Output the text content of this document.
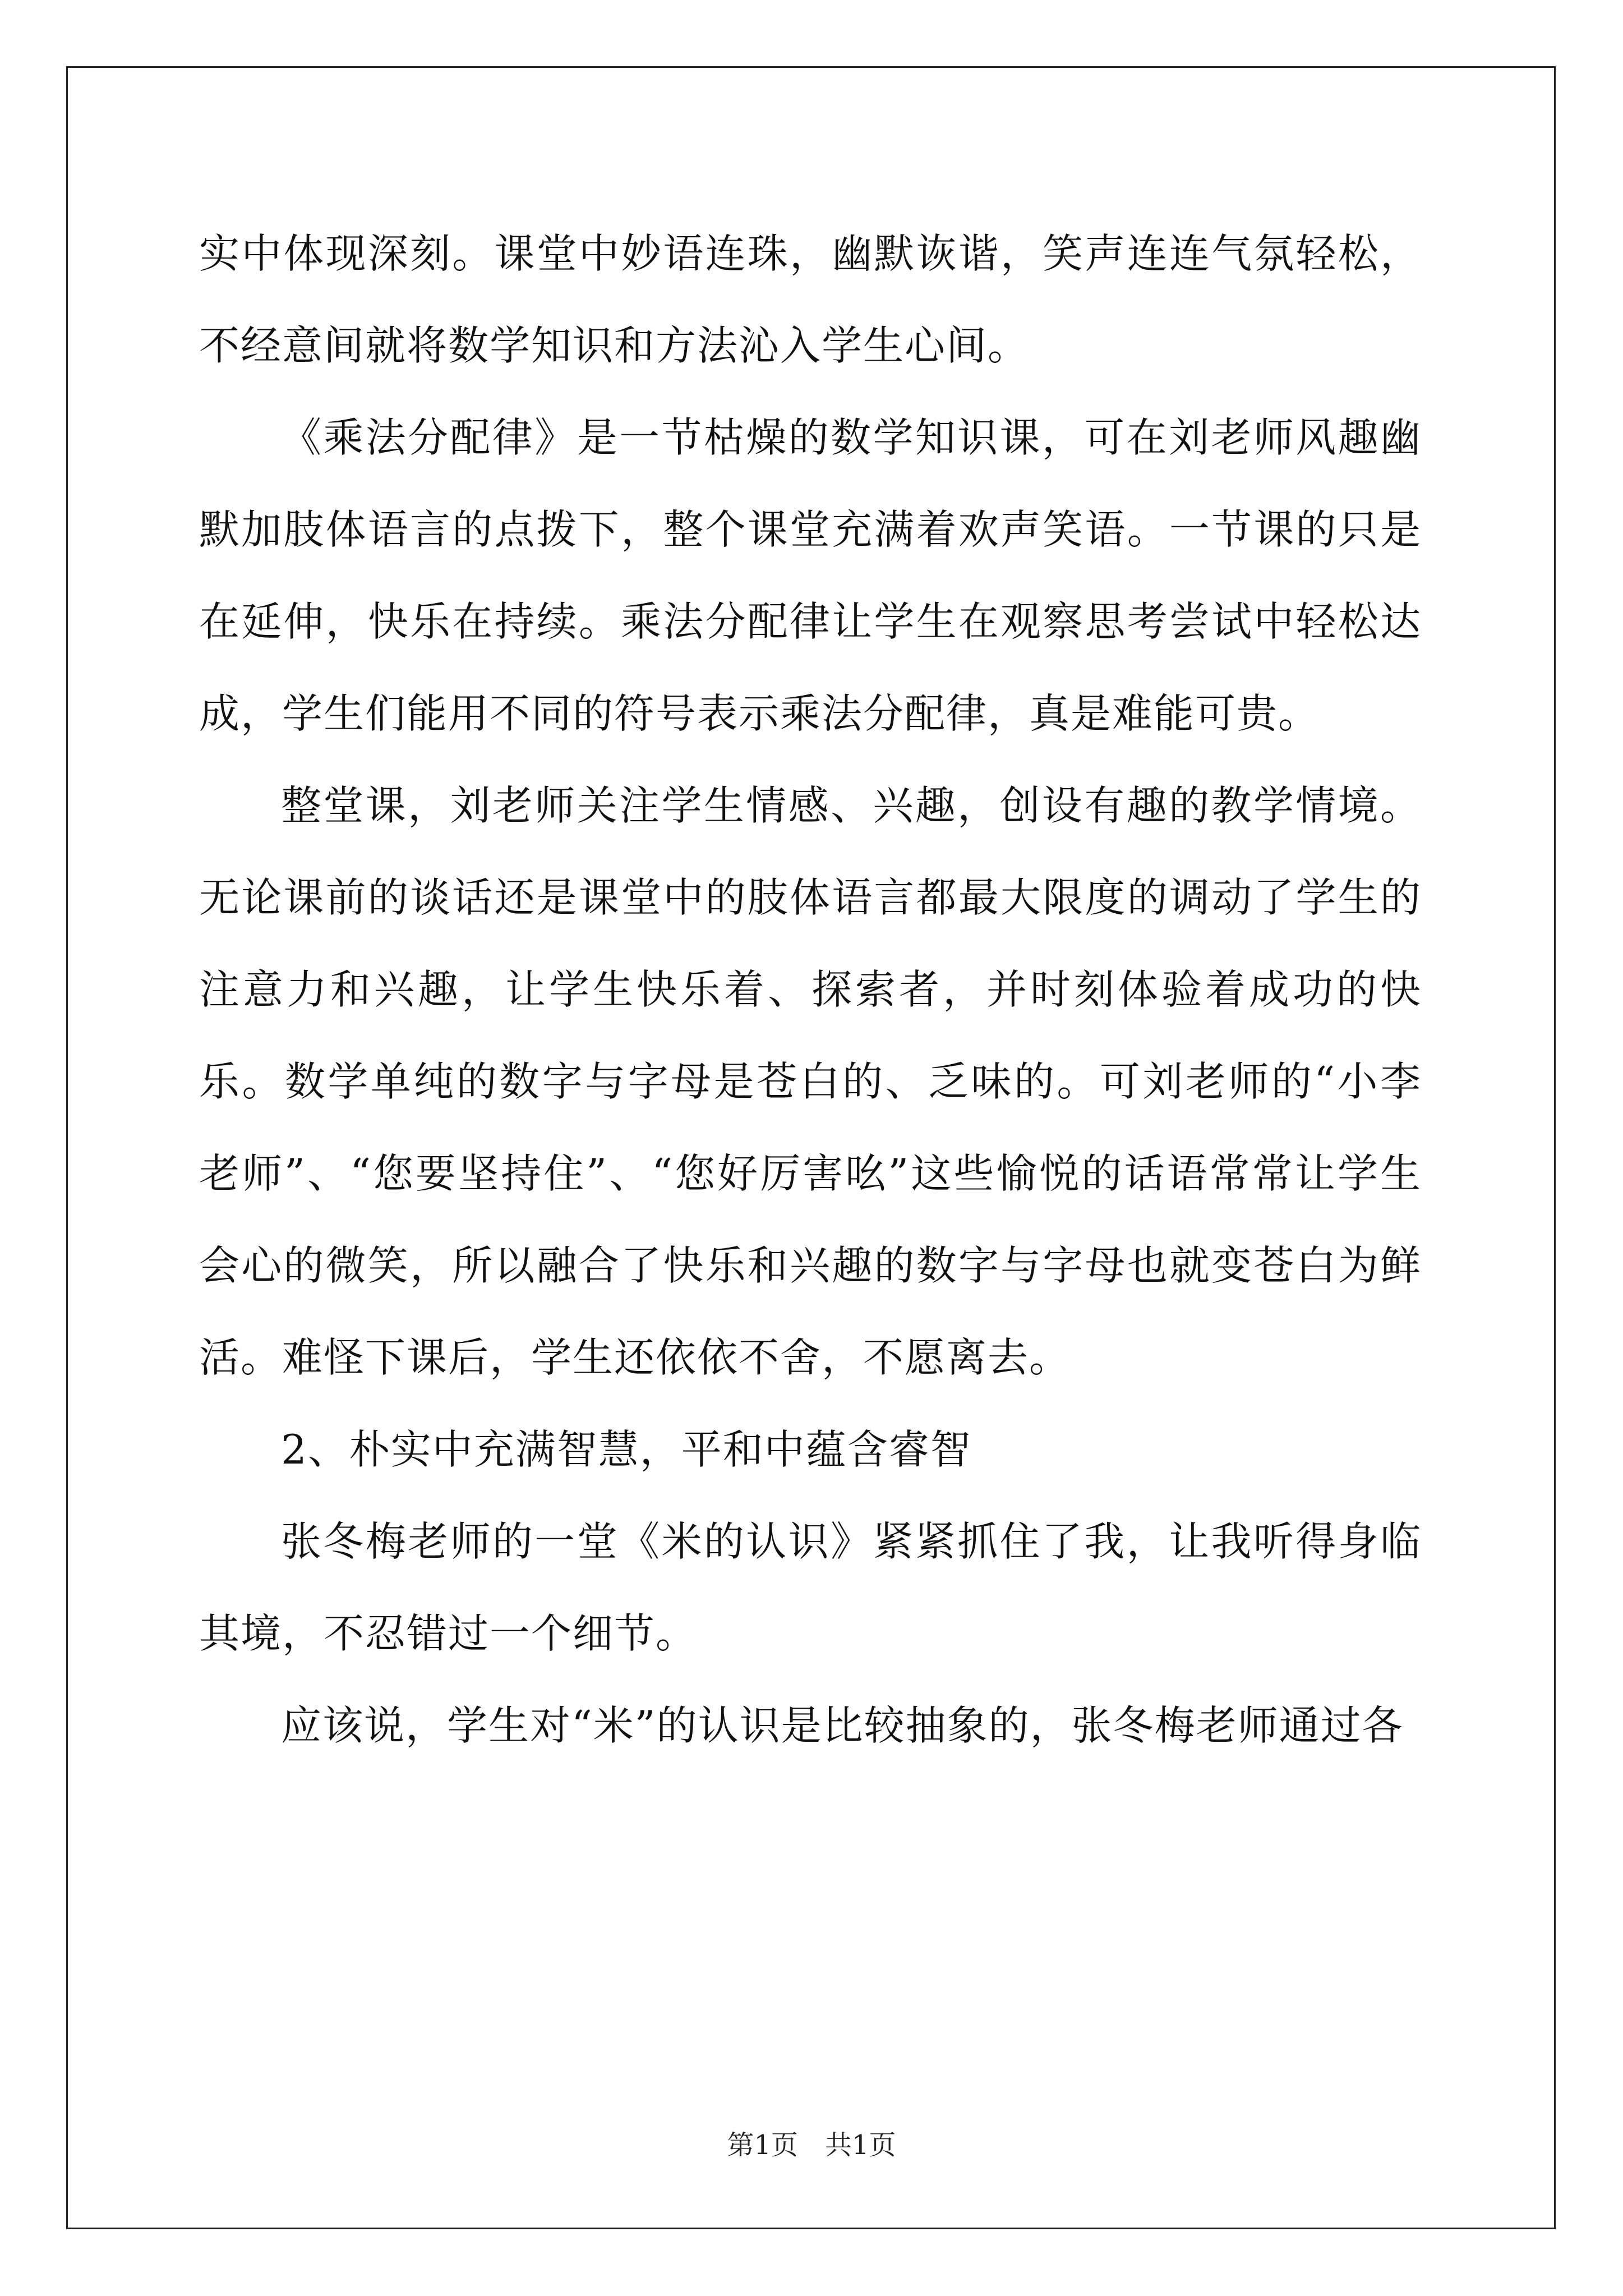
实中体现深刻。课堂中妙语连珠，幽默诙谐，笑声连连气氛轻松，不经意间就将数学知识和方法沁入学生心间。

《乘法分配律》是一节枯燥的数学知识课，可在刘老师风趣幽默加肢体语言的点拨下，整个课堂充满着欢声笑语。一节课的只是在延伸，快乐在持续。乘法分配律让学生在观察思考尝试中轻松达成，学生们能用不同的符号表示乘法分配律，真是难能可贵。

整堂课，刘老师关注学生情感、兴趣，创设有趣的教学情境。无论课前的谈话还是课堂中的肢体语言都最大限度的调动了学生的注意力和兴趣，让学生快乐着、探索者，并时刻体验着成功的快乐。数学单纯的数字与字母是苍白的、乏味的。可刘老师的“小李老师”、“您要坚持住”、“您好厉害吆”这些愉悦的话语常常让学生会心的微笑，所以融合了快乐和兴趣的数字与字母也就变苍白为鲜活。难怪下课后，学生还依依不舍，不愿离去。

2、朴实中充满智慧，平和中蕴含睿智

张冬梅老师的一堂《米的认识》紧紧抓住了我，让我听得身临其境，不忍错过一个细节。

应该说，学生对“米”的认识是比较抽象的，张冬梅老师通过各

第1页　共1页
